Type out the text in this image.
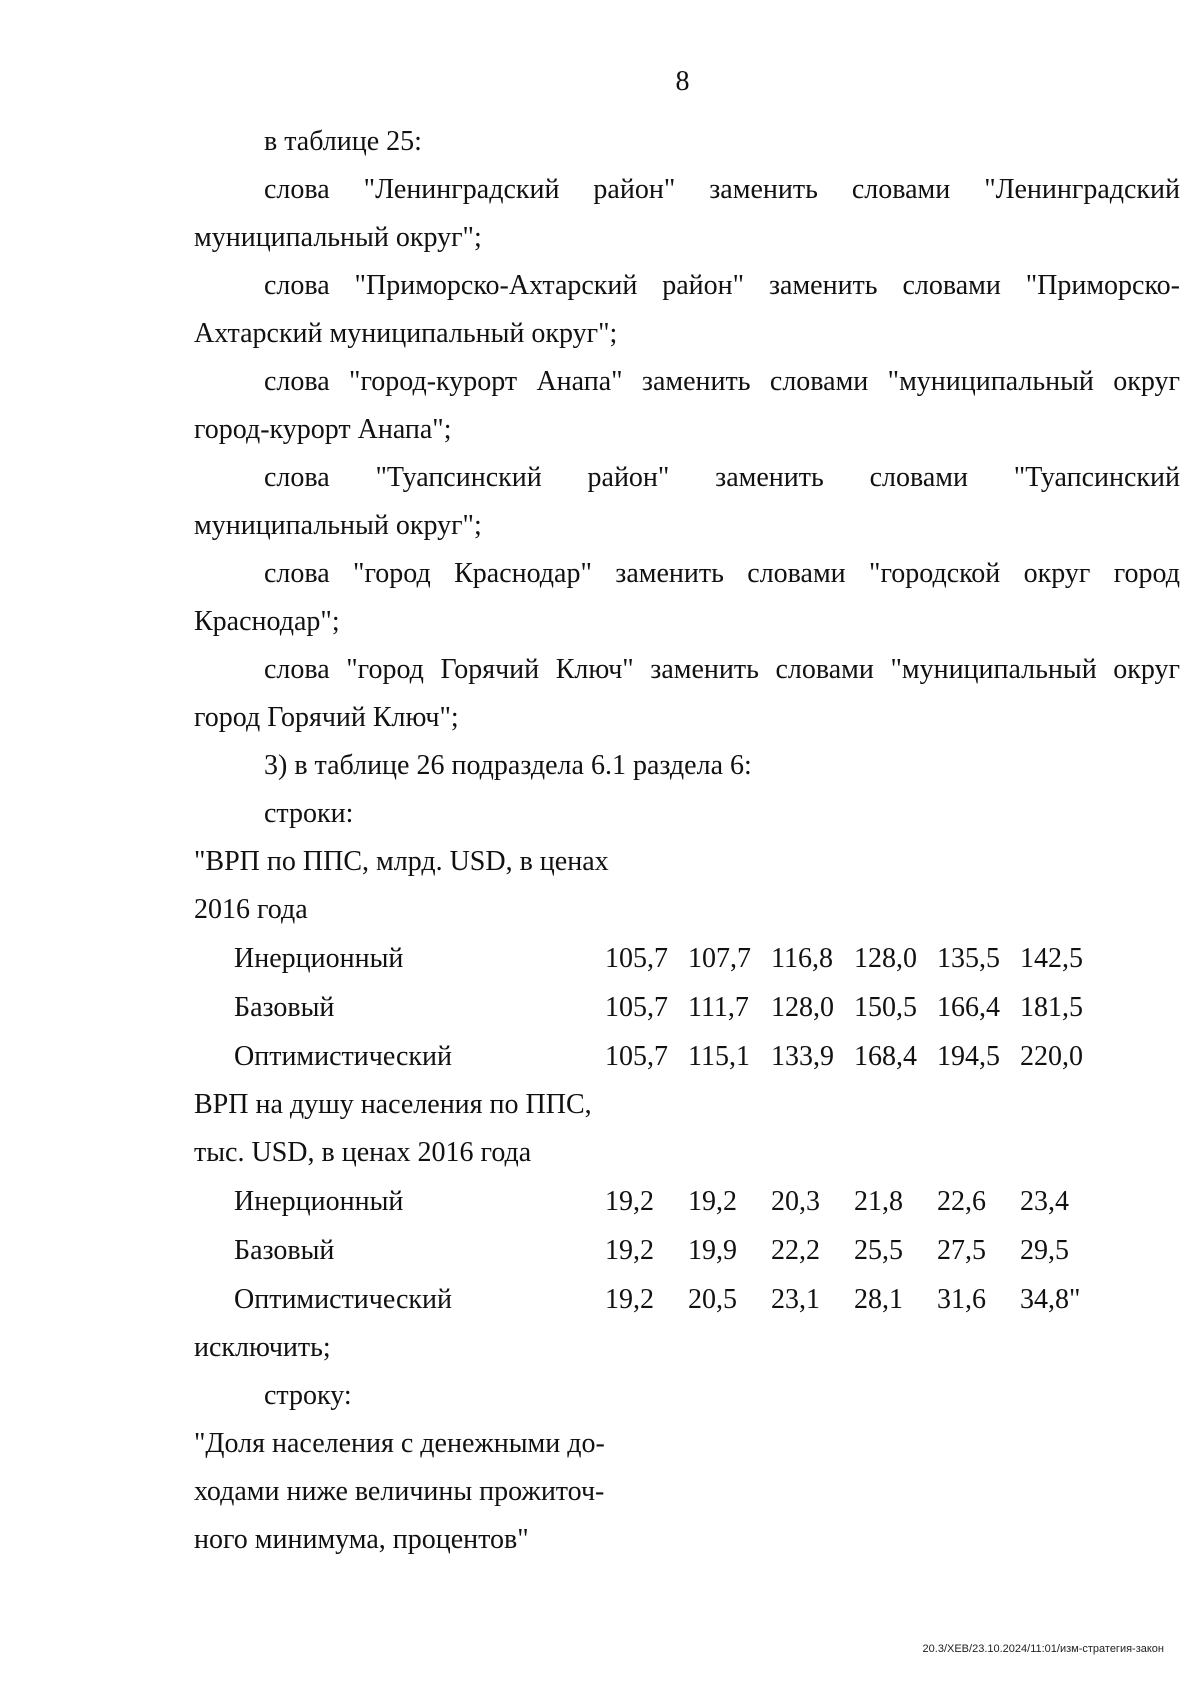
8

в таблице 25:

слова "Ленинградский район" заменить словами "Ленинградский муниципальный округ";

слова "Приморско-Ахтарский район" заменить словами "Приморско-Ахтарский муниципальный округ";

слова "город-курорт Анапа" заменить словами "муниципальный округ город-курорт Анапа";

слова "Туапсинский район" заменить словами "Туапсинский муниципальный округ";

слова "город Краснодар" заменить словами "городской округ город Краснодар";

слова "город Горячий Ключ" заменить словами "муниципальный округ город Горячий Ключ";

3) в таблице 26 подраздела 6.1 раздела 6:

строки:

"ВРП по ППС, млрд. USD, в ценах

2016 года

Инерционный	105,7 107,7 116,8 128,0 135,5 142,5
Базовый	105,7 111,7 128,0 150,5 166,4 181,5
Оптимистический	105,7 115,1 133,9 168,4 194,5 220,0

ВРП на душу населения по ППС,

тыс. USD, в ценах 2016 года

Инерционный	19,2 19,2 20,3 21,8 22,6 23,4
Базовый	19,2 19,9 22,2 25,5 27,5 29,5
Оптимистический	19,2 20,5 23,1 28,1 31,6 34,8"

исключить;

строку:

"Доля населения с денежными до-

ходами ниже величины прожиточ-

ного минимума, процентов"

20.3/ХЕВ/23.10.2024/11:01/изм-стратегия-закон
